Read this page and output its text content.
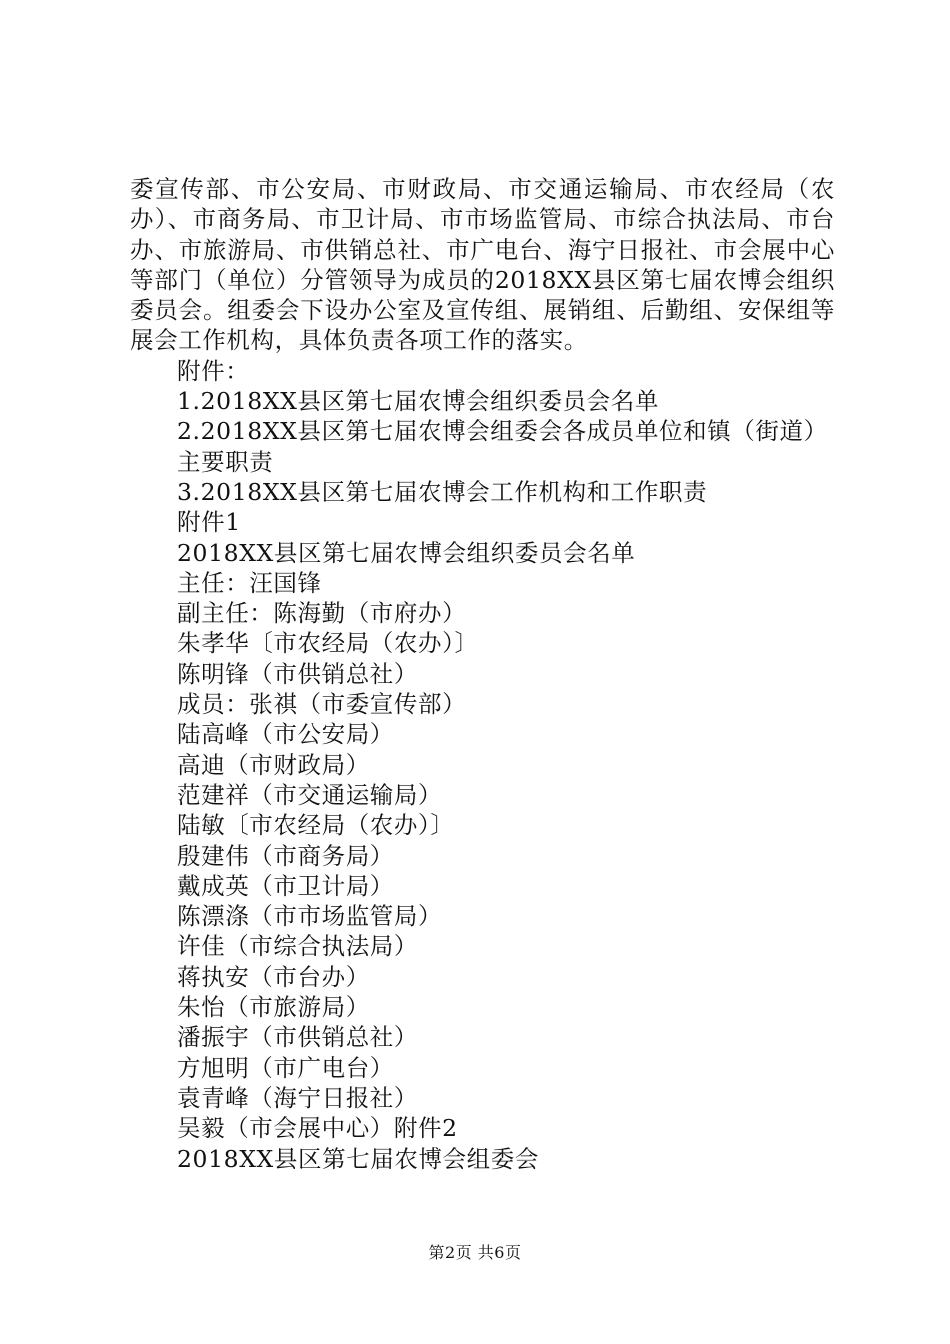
委宣传部、市公安局、市财政局、市交通运输局、市农经局（农办）、市商务局、市卫计局、市市场监管局、市综合执法局、市台办、市旅游局、市供销总社、市广电台、海宁日报社、市会展中心等部门（单位）分管领导为成员的2018XX县区第七届农博会组织委员会。组委会下设办公室及宣传组、展销组、后勤组、安保组等展会工作机构，具体负责各项工作的落实。

附件：

1.2018XX县区第七届农博会组织委员会名单

2.2018XX县区第七届农博会组委会各成员单位和镇（街道）主要职责

3.2018XX县区第七届农博会工作机构和工作职责

附件1

2018XX县区第七届农博会组织委员会名单

主任：汪国锋

副主任：陈海勤（市府办）

朱孝华〔市农经局（农办）〕

陈明锋（市供销总社）

成员：张祺（市委宣传部）

陆高峰（市公安局）

高迪（市财政局）

范建祥（市交通运输局）

陆敏〔市农经局（农办）〕

殷建伟（市商务局）

戴成英（市卫计局）

陈漂涤（市市场监管局）

许佳（市综合执法局）

蒋执安（市台办）

朱怡（市旅游局）

潘振宇（市供销总社）

方旭明（市广电台）

袁青峰（海宁日报社）

吴毅（市会展中心）附件2

2018XX县区第七届农博会组委会

第2页 共6页
